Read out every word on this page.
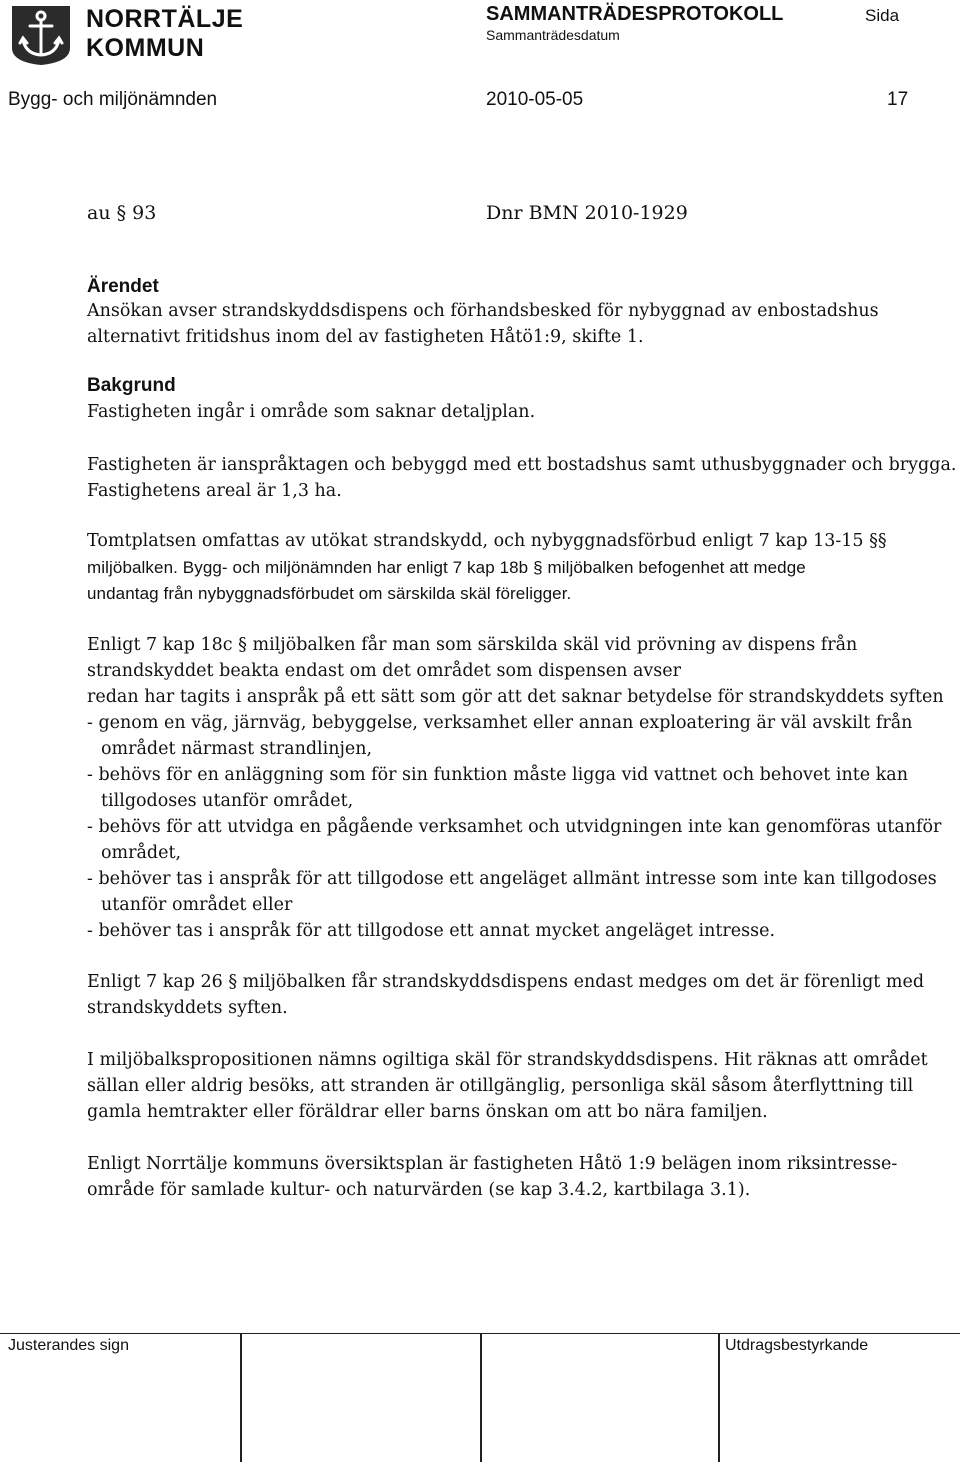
NORRTÄLJE
KOMMUN
SAMMANTRÄDESPROTOKOLL
Sammanträdesdatum
Sida
Bygg- och miljönämnden	2010-05-05	17
au § 93	Dnr BMN 2010-1929
Ärendet
Ansökan avser strandskyddsdispens och förhandsbesked för nybyggnad av enbostadshus
alternativt fritidshus inom del av fastigheten Håtö1:9, skifte 1.
Bakgrund
Fastigheten ingår i område som saknar detaljplan.
Fastigheten är ianspråktagen och bebyggd med ett bostadshus samt uthusbyggnader och brygga.
Fastighetens areal är 1,3 ha.
Tomtplatsen omfattas av utökat strandskydd, och nybyggnadsförbud enligt 7 kap 13-15 §§
miljöbalken. Bygg- och miljönämnden har enligt 7 kap 18b § miljöbalken befogenhet att medge
undantag från nybyggnadsförbudet om särskilda skäl föreligger.
Enligt 7 kap 18c § miljöbalken får man som särskilda skäl vid prövning av dispens från
strandskyddet beakta endast om det området som dispensen avser
redan har tagits i anspråk på ett sätt som gör att det saknar betydelse för strandskyddets syften
- genom en väg, järnväg, bebyggelse, verksamhet eller annan exploatering är väl avskilt från
området närmast strandlinjen,
- behövs för en anläggning som för sin funktion måste ligga vid vattnet och behovet inte kan
tillgodoses utanför området,
- behövs för att utvidga en pågående verksamhet och utvidgningen inte kan genomföras utanför
området,
- behöver tas i anspråk för att tillgodose ett angeläget allmänt intresse som inte kan tillgodoses
utanför området eller
- behöver tas i anspråk för att tillgodose ett annat mycket angeläget intresse.
Enligt 7 kap 26 § miljöbalken får strandskyddsdispens endast medges om det är förenligt med
strandskyddets syften.
I miljöbalkspropositionen nämns ogiltiga skäl för strandskyddsdispens. Hit räknas att området
sällan eller aldrig besöks, att stranden är otillgänglig, personliga skäl såsom återflyttning till
gamla hemtrakter eller föräldrar eller barns önskan om att bo nära familjen.
Enligt Norrtälje kommuns översiktsplan är fastigheten Håtö 1:9 belägen inom riksintresse-
område för samlade kultur- och naturvärden (se kap 3.4.2, kartbilaga 3.1).
Justerandes sign	Utdragsbestyrkande
